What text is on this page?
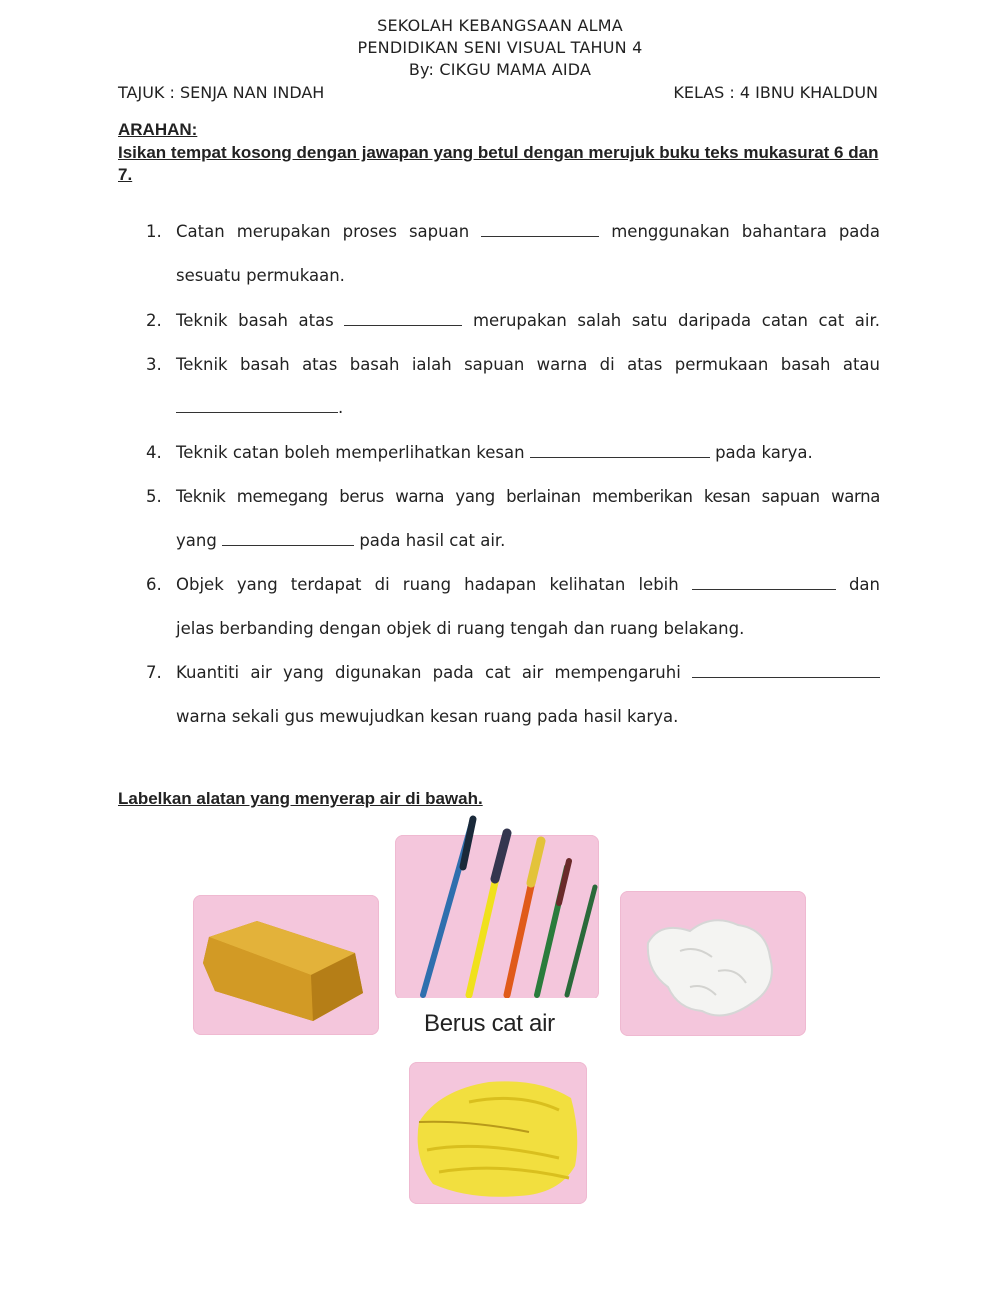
SEKOLAH KEBANGSAAN ALMA
PENDIDIKAN SENI VISUAL TAHUN 4
By: CIKGU MAMA AIDA
TAJUK : SENJA NAN INDAH	KELAS : 4 IBNU KHALDUN
ARAHAN:
Isikan tempat kosong dengan jawapan yang betul dengan merujuk buku teks mukasurat 6 dan 7.
1. Catan merupakan proses sapuan	menggunakan bahantara pada
sesuatu permukaan.
2. Teknik basah atas	merupakan salah satu daripada catan cat air.
3. Teknik basah atas basah ialah sapuan warna di atas permukaan basah atau
.
4. Teknik catan boleh memperlihatkan kesan	pada karya.
5. Teknik memegang berus warna yang berlainan memberikan kesan sapuan warna
yang	pada hasil cat air.
6. Objek yang terdapat di ruang hadapan kelihatan lebih	dan
jelas berbanding dengan objek di ruang tengah dan ruang belakang.
7. Kuantiti air yang digunakan pada cat air mempengaruhi
warna sekali gus mewujudkan kesan ruang pada hasil karya.
Labelkan alatan yang menyerap air di bawah.
Berus cat air
